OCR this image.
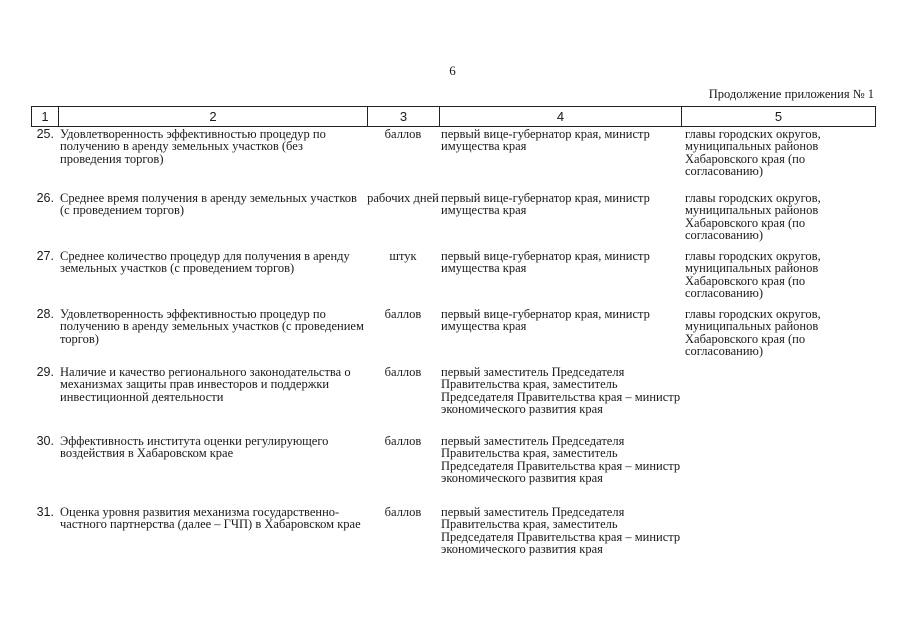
6
Продолжение приложения № 1
1	2	3	4	5
25.	Удовлетворенность эффективностью процедур по получению в аренду земельных участков (без проведения торгов)	баллов	первый вице-губернатор края, министр имущества края	главы городских округов, муниципальных районов Хабаровского края (по согласованию)
26.	Среднее время получения в аренду земельных участков (с проведением торгов)	рабочих дней	первый вице-губернатор края, министр имущества края	главы городских округов, муниципальных районов Хабаровского края (по согласованию)
27.	Среднее количество процедур для получения в аренду земельных участков (с проведением торгов)	штук	первый вице-губернатор края, министр имущества края	главы городских округов, муниципальных районов Хабаровского края (по согласованию)
28.	Удовлетворенность эффективностью процедур по получению в аренду земельных участков (с проведением торгов)	баллов	первый вице-губернатор края, министр имущества края	главы городских округов, муниципальных районов Хабаровского края (по согласованию)
29.	Наличие и качество регионального законодательства о механизмах защиты прав инвесторов и поддержки инвестиционной деятельности	баллов	первый заместитель Председателя Правительства края, заместитель Председателя Правительства края – министр экономического развития края	
30.	Эффективность института оценки регулирующего воздействия в Хабаровском крае	баллов	первый заместитель Председателя Правительства края, заместитель Председателя Правительства края – министр экономического развития края	
31.	Оценка уровня развития механизма государственно-частного партнерства (далее – ГЧП) в Хабаровском крае	баллов	первый заместитель Председателя Правительства края, заместитель Председателя Правительства края – министр экономического развития края	
